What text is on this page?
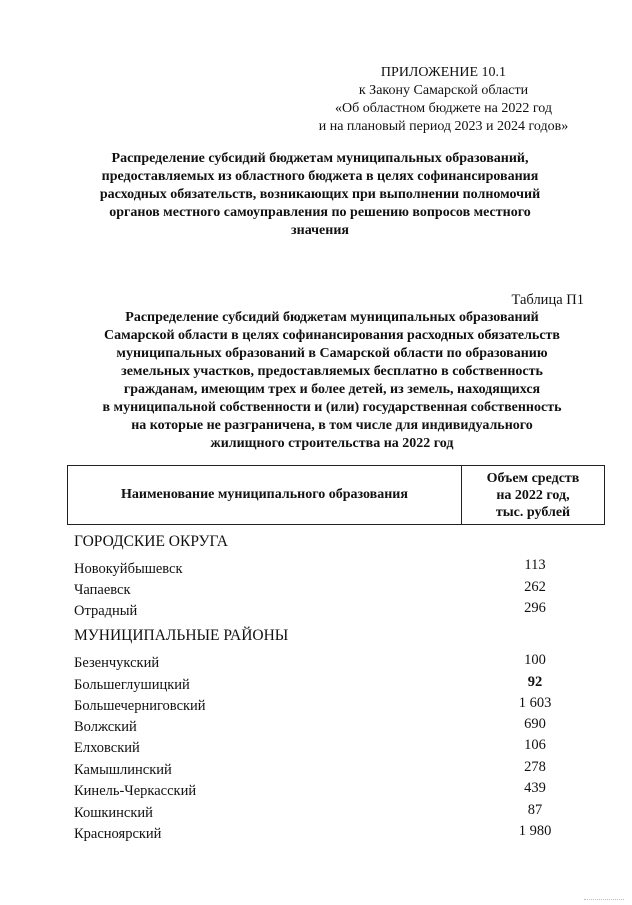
ПРИЛОЖЕНИЕ 10.1
к Закону Самарской области
«Об областном бюджете на 2022 год
и на плановый период 2023 и 2024 годов»
Распределение субсидий бюджетам муниципальных образований,
предоставляемых из областного бюджета в целях софинансирования
расходных обязательств, возникающих при выполнении полномочий
органов местного самоуправления по решению вопросов местного
значения
Таблица П1
Распределение субсидий бюджетам муниципальных образований
Самарской области в целях софинансирования расходных обязательств
муниципальных образований в Самарской области по образованию
земельных участков, предоставляемых бесплатно в собственность
гражданам, имеющим трех и более детей, из земель, находящихся
в муниципальной собственности и (или) государственная собственность
на которые не разграничена, в том числе для индивидуального
жилищного строительства на 2022 год
Наименование муниципального образования
Объем средств
на 2022 год,
тыс. рублей
ГОРОДСКИЕ ОКРУГА
Новокуйбышевск	113
Чапаевск	262
Отрадный	296
МУНИЦИПАЛЬНЫЕ РАЙОНЫ
Безенчукский	100
Большеглушицкий	92
Большечерниговский	1 603
Волжский	690
Елховский	106
Камышлинский	278
Кинель-Черкасский	439
Кошкинский	87
Красноярский	1 980
